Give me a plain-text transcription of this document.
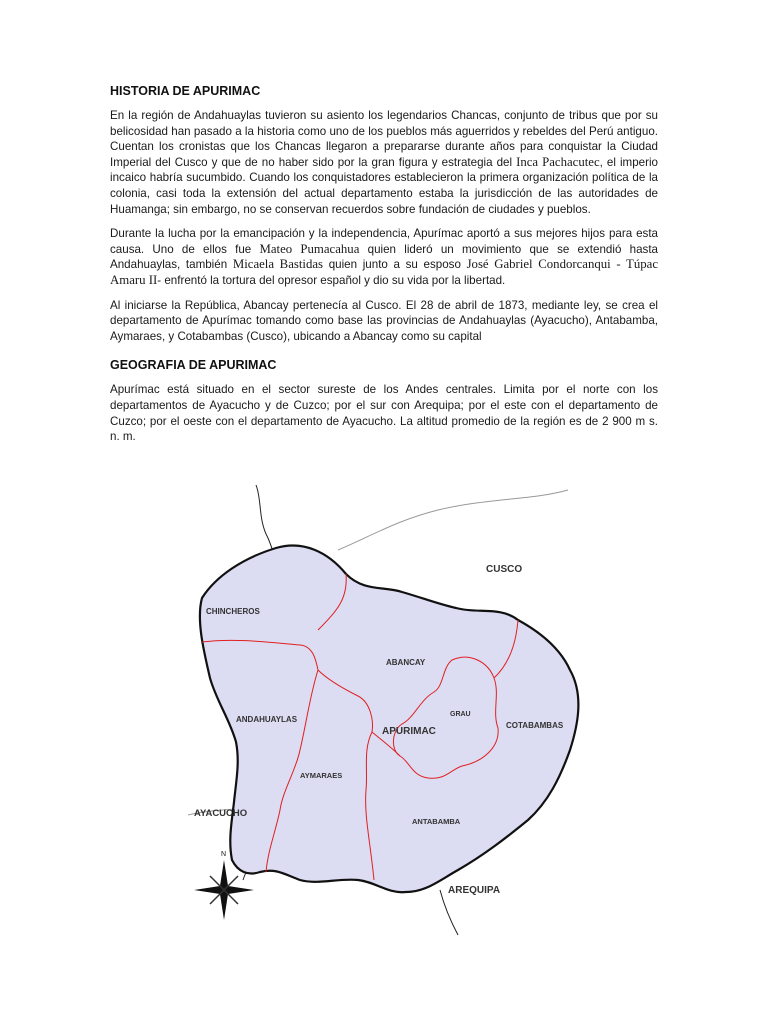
HISTORIA DE APURIMAC

En la región de Andahuaylas tuvieron su asiento los legendarios Chancas, conjunto de tribus que por su belicosidad han pasado a la historia como uno de los pueblos más aguerridos y rebeldes del Perú antiguo. Cuentan los cronistas que los Chancas llegaron a prepararse durante años para conquistar la Ciudad Imperial del Cusco y que de no haber sido por la gran figura y estrategia del Inca Pachacutec, el imperio incaico habría sucumbido. Cuando los conquistadores establecieron la primera organización política de la colonia, casi toda la extensión del actual departamento estaba la jurisdicción de las autoridades de Huamanga; sin embargo, no se conservan recuerdos sobre fundación de ciudades y pueblos.

Durante la lucha por la emancipación y la independencia, Apurímac aportó a sus mejores hijos para esta causa. Uno de ellos fue Mateo Pumacahua quien lideró un movimiento que se extendió hasta Andahuaylas, también Micaela Bastidas quien junto a su esposo José Gabriel Condorcanqui - Túpac Amaru II- enfrentó la tortura del opresor español y dio su vida por la libertad.

Al iniciarse la República, Abancay pertenecía al Cusco. El 28 de abril de 1873, mediante ley, se crea el departamento de Apurímac tomando como base las provincias de Andahuaylas (Ayacucho), Antabamba, Aymaraes, y Cotabambas (Cusco), ubicando a Abancay como su capital

GEOGRAFIA DE APURIMAC

Apurímac está situado en el sector sureste de los Andes centrales. Limita por el norte con los departamentos de Ayacucho y de Cuzco; por el sur con Arequipa; por el este con el departamento de Cuzco; por el oeste con el departamento de Ayacucho. La altitud promedio de la región es de 2 900 m s. n. m.

CUSCO
CHINCHEROS
ABANCAY
GRAU
ANDAHUAYLAS
APURIMAC
COTABAMBAS
AYMARAES
AYACUCHO
ANTABAMBA
AREQUIPA
N
